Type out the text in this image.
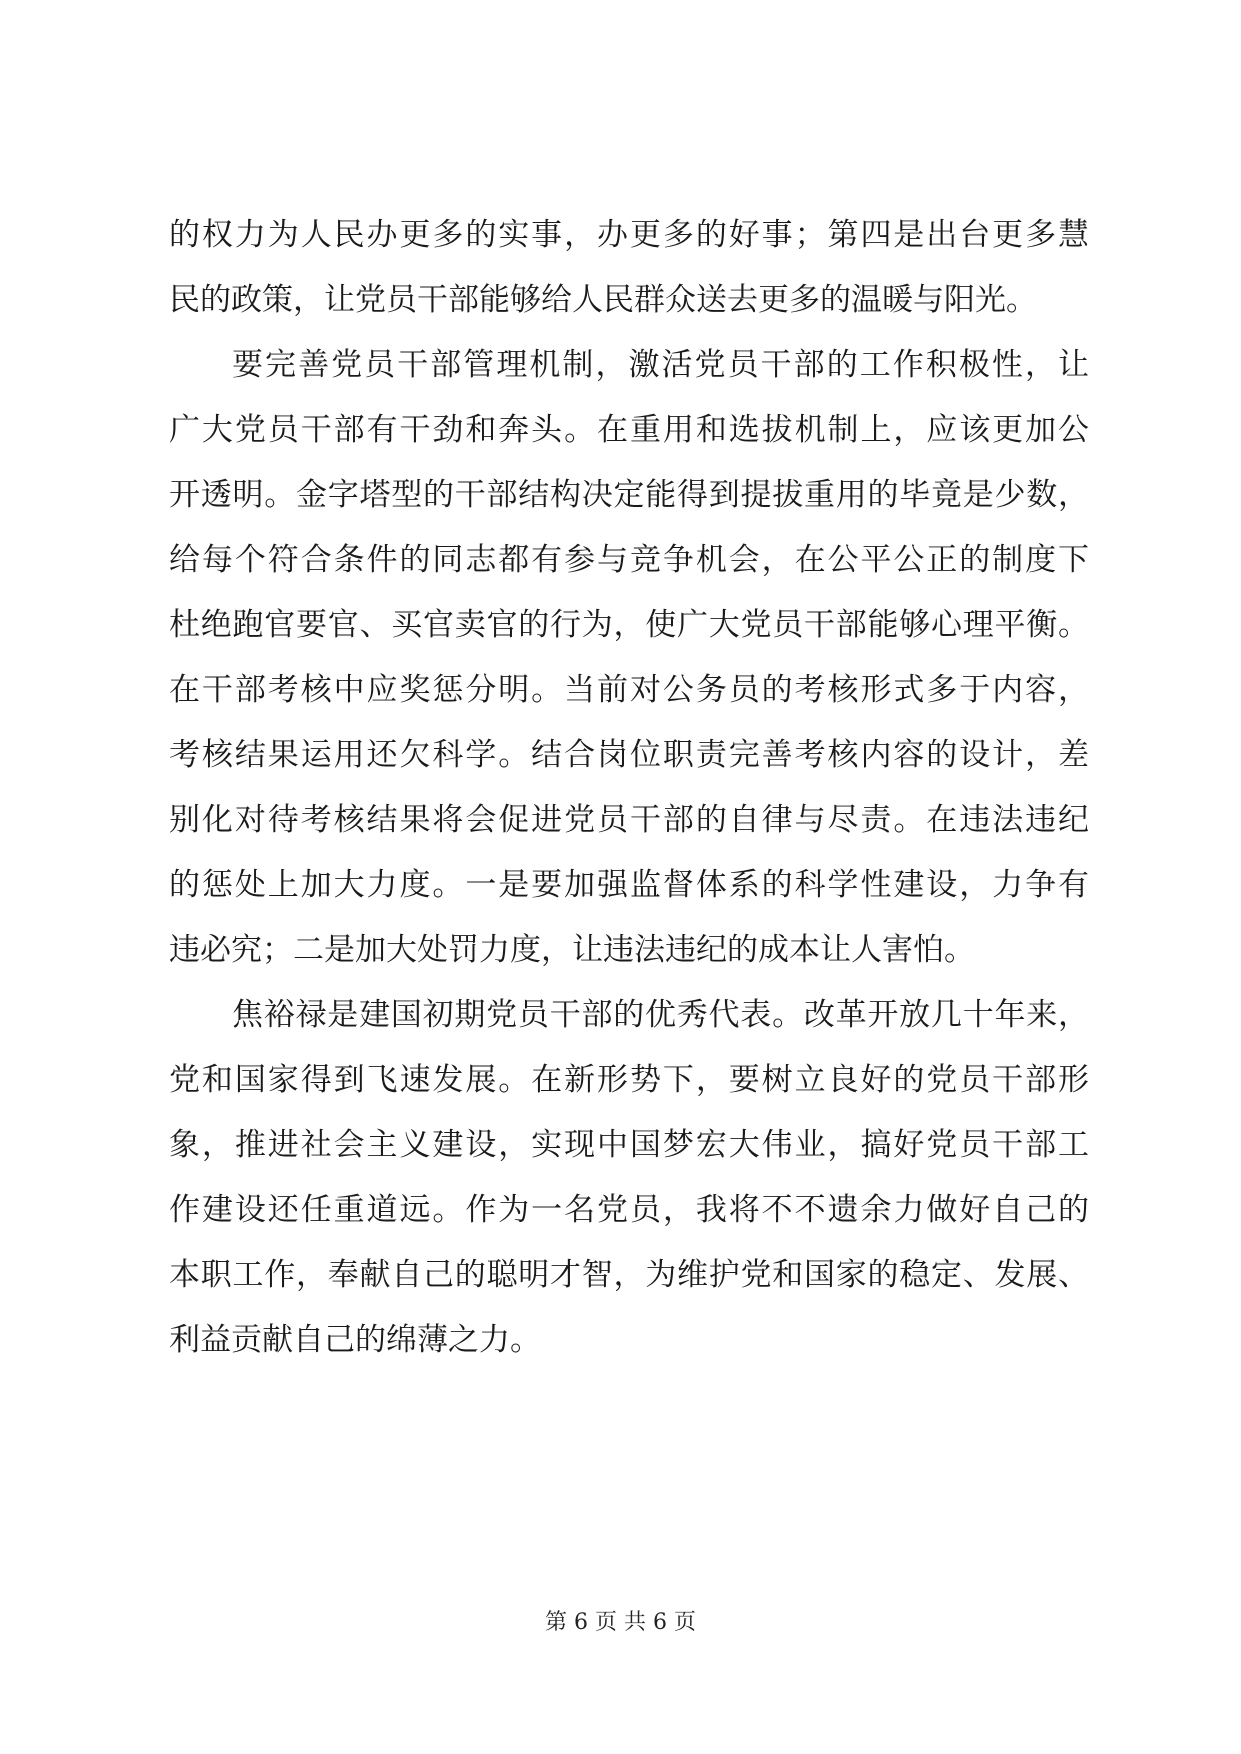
的权力为人民办更多的实事，办更多的好事；第四是出台更多慧
民的政策，让党员干部能够给人民群众送去更多的温暖与阳光。
要完善党员干部管理机制，激活党员干部的工作积极性，让
广大党员干部有干劲和奔头。在重用和选拔机制上，应该更加公
开透明。金字塔型的干部结构决定能得到提拔重用的毕竟是少数，
给每个符合条件的同志都有参与竞争机会，在公平公正的制度下
杜绝跑官要官、买官卖官的行为，使广大党员干部能够心理平衡。
在干部考核中应奖惩分明。当前对公务员的考核形式多于内容，
考核结果运用还欠科学。结合岗位职责完善考核内容的设计，差
别化对待考核结果将会促进党员干部的自律与尽责。在违法违纪
的惩处上加大力度。一是要加强监督体系的科学性建设，力争有
违必究；二是加大处罚力度，让违法违纪的成本让人害怕。
焦裕禄是建国初期党员干部的优秀代表。改革开放几十年来，
党和国家得到飞速发展。在新形势下，要树立良好的党员干部形
象，推进社会主义建设，实现中国梦宏大伟业，搞好党员干部工
作建设还任重道远。作为一名党员，我将不不遗余力做好自己的
本职工作，奉献自己的聪明才智，为维护党和国家的稳定、发展、
利益贡献自己的绵薄之力。
第 6 页 共 6 页
